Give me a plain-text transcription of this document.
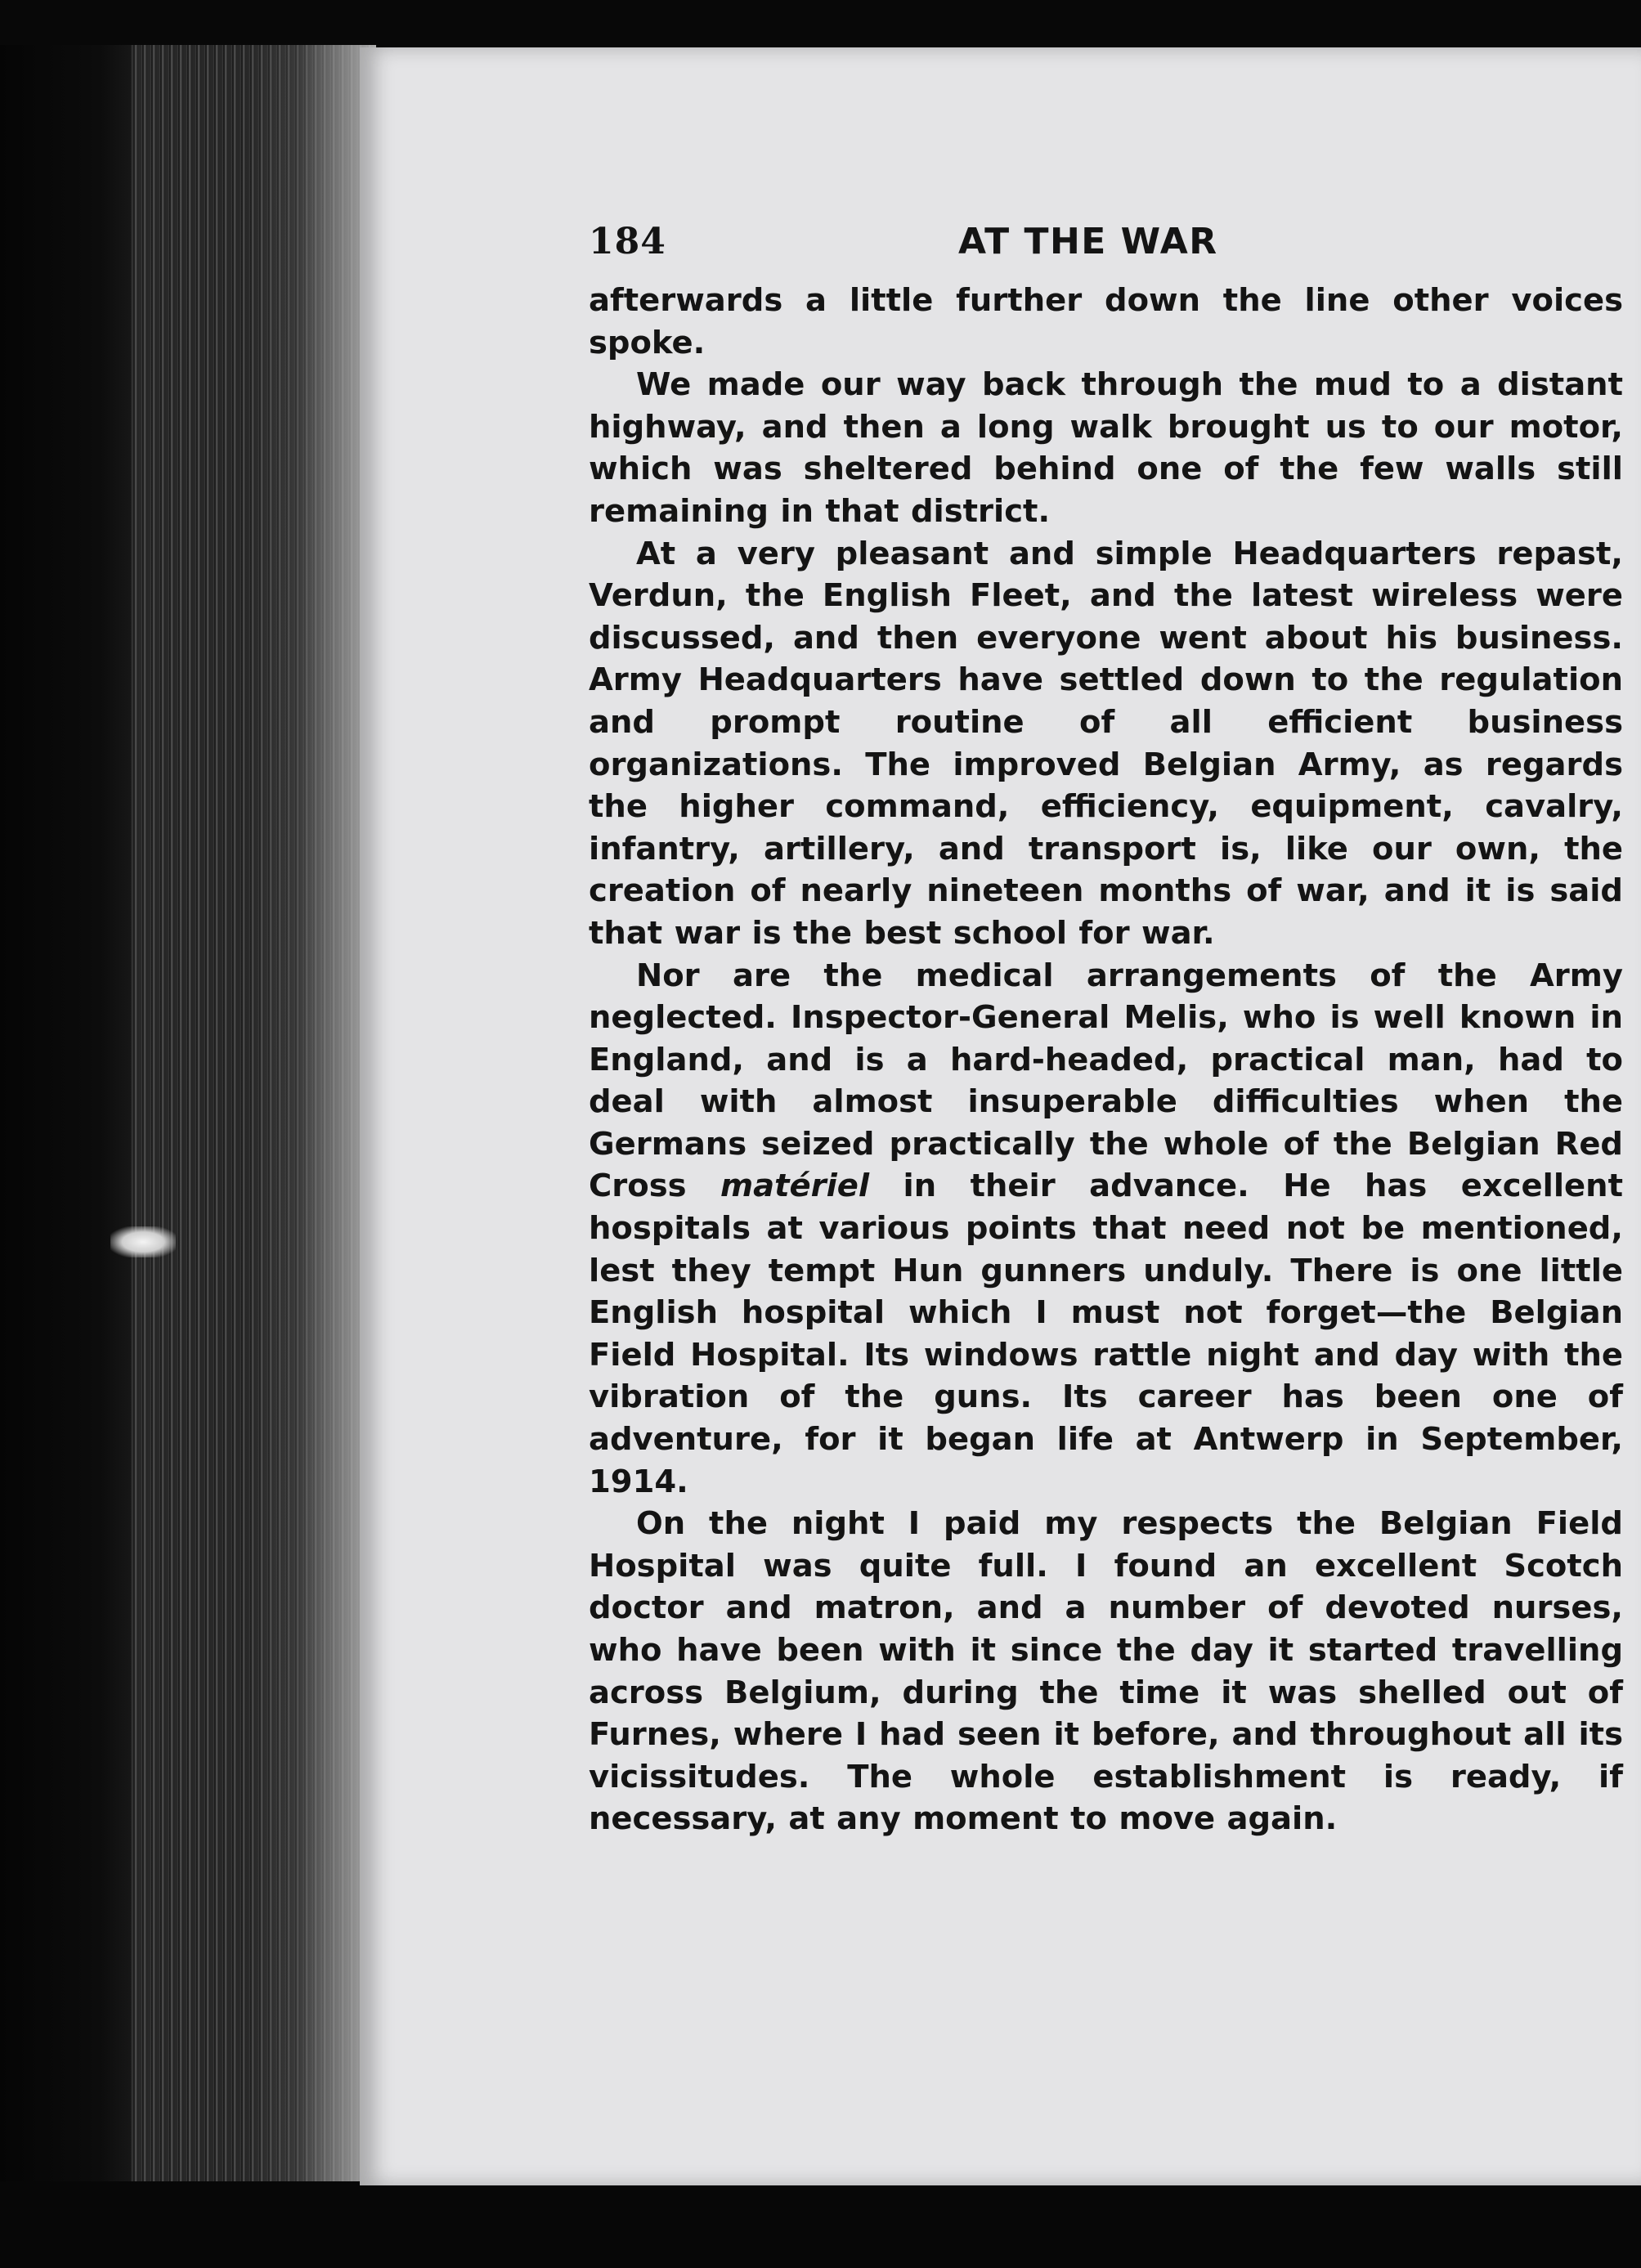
184	AT THE WAR

afterwards a little further down the line other voices spoke.

We made our way back through the mud to a distant highway, and then a long walk brought us to our motor, which was sheltered behind one of the few walls still remaining in that district.

At a very pleasant and simple Headquarters repast, Verdun, the English Fleet, and the latest wireless were discussed, and then everyone went about his business. Army Headquarters have settled down to the regulation and prompt routine of all efficient business organizations. The improved Belgian Army, as regards the higher command, efficiency, equipment, cavalry, infantry, artillery, and transport is, like our own, the creation of nearly nineteen months of war, and it is said that war is the best school for war.

Nor are the medical arrangements of the Army neglected. Inspector-General Melis, who is well known in England, and is a hard-headed, practical man, had to deal with almost insuperable difficulties when the Germans seized practically the whole of the Belgian Red Cross matériel in their advance. He has excellent hospitals at various points that need not be mentioned, lest they tempt Hun gunners unduly. There is one little English hospital which I must not forget—the Belgian Field Hospital. Its windows rattle night and day with the vibration of the guns. Its career has been one of adventure, for it began life at Antwerp in September, 1914.

On the night I paid my respects the Belgian Field Hospital was quite full. I found an excellent Scotch doctor and matron, and a number of devoted nurses, who have been with it since the day it started travelling across Belgium, during the time it was shelled out of Furnes, where I had seen it before, and throughout all its vicissitudes. The whole establishment is ready, if necessary, at any moment to move again.
